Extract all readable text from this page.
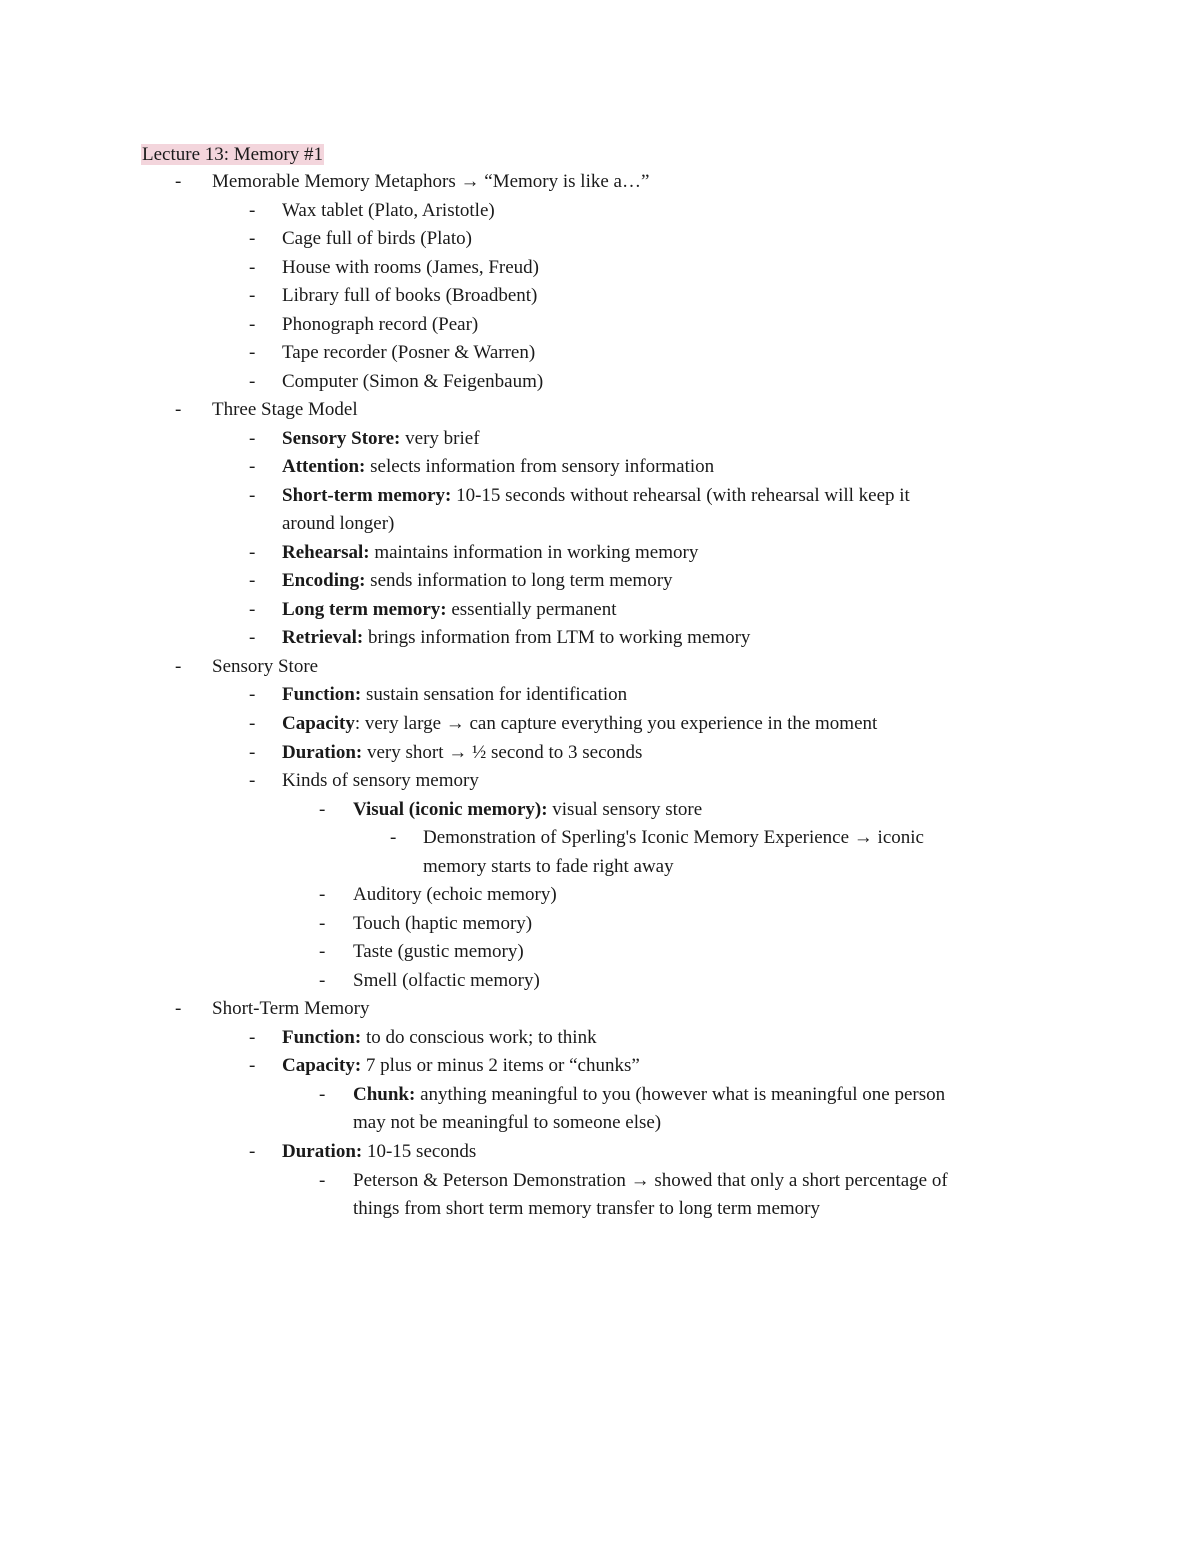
Lecture 13: Memory #1
- Memorable Memory Metaphors → “Memory is like a…”
- Wax tablet (Plato, Aristotle)
- Cage full of birds (Plato)
- House with rooms (James, Freud)
- Library full of books (Broadbent)
- Phonograph record (Pear)
- Tape recorder (Posner & Warren)
- Computer (Simon & Feigenbaum)
- Three Stage Model
- Sensory Store: very brief
- Attention: selects information from sensory information
- Short-term memory: 10-15 seconds without rehearsal (with rehearsal will keep it
around longer)
- Rehearsal: maintains information in working memory
- Encoding: sends information to long term memory
- Long term memory: essentially permanent
- Retrieval: brings information from LTM to working memory
- Sensory Store
- Function: sustain sensation for identification
- Capacity: very large → can capture everything you experience in the moment
- Duration: very short → ½ second to 3 seconds
- Kinds of sensory memory
- Visual (iconic memory): visual sensory store
- Demonstration of Sperling's Iconic Memory Experience → iconic
memory starts to fade right away
- Auditory (echoic memory)
- Touch (haptic memory)
- Taste (gustic memory)
- Smell (olfactic memory)
- Short-Term Memory
- Function: to do conscious work; to think
- Capacity: 7 plus or minus 2 items or “chunks”
- Chunk: anything meaningful to you (however what is meaningful one person
may not be meaningful to someone else)
- Duration: 10-15 seconds
- Peterson & Peterson Demonstration → showed that only a short percentage of
things from short term memory transfer to long term memory
